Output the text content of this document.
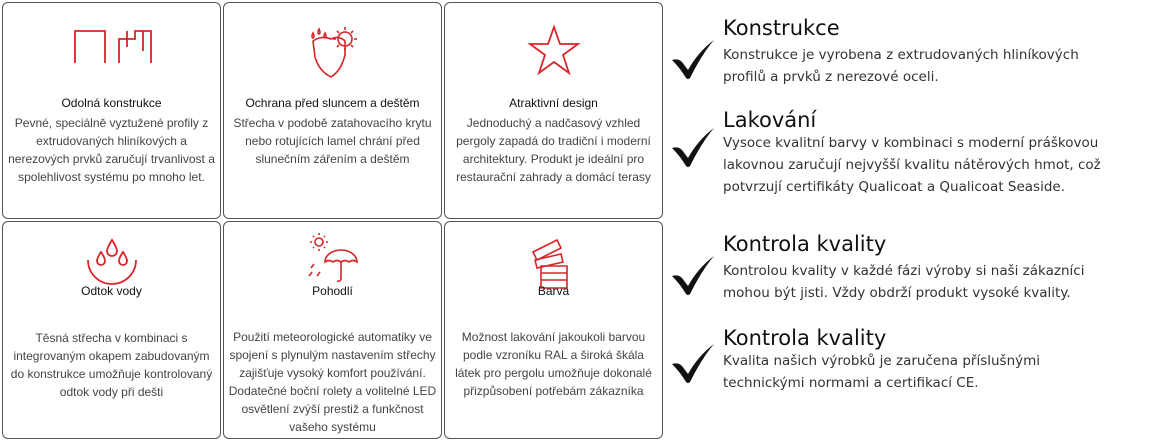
Odolná konstrukce

Pevné, speciálně vyztužené profily z extrudovaných hliníkových a nerezových prvků zaručují trvanlivost a spolehlivost systému po mnoho let.

Ochrana před sluncem a deštěm

Střecha v podobě zatahovacího krytu nebo rotujících lamel chrání před slunečním zářením a deštěm

Atraktivní design

Jednoduchý a nadčasový vzhled pergoly zapadá do tradiční i moderní architektury. Produkt je ideální pro restaurační zahrady a domácí terasy

Odtok vody

Těsná střecha v kombinaci s integrovaným okapem zabudovaným do konstrukce umožňuje kontrolovaný odtok vody při dešti

Pohodlí

Použití meteorologické automatiky ve spojení s plynulým nastavením střechy zajišťuje vysoký komfort používání. Dodatečné boční rolety a volitelné LED osvětlení zvýší prestiž a funkčnost vašeho systému

Barva

Možnost lakování jakoukoli barvou podle vzroníku RAL a široká škála látek pro pergolu umožňuje dokonalé přizpůsobení potřebám zákazníka

Konstrukce

Konstrukce je vyrobena z extrudovaných hliníkových profilů a prvků z nerezové oceli.

Lakování

Vysoce kvalitní barvy v kombinaci s moderní práškovou lakovnou zaručují nejvyšší kvalitu nátěrových hmot, což potvrzují certifikáty Qualicoat a Qualicoat Seaside.

Kontrola kvality

Kontrolou kvality v každé fázi výroby si naši zákazníci mohou být jisti. Vždy obdrží produkt vysoké kvality.

Kontrola kvality

Kvalita našich výrobků je zaručena příslušnými technickými normami a certifikací CE.
